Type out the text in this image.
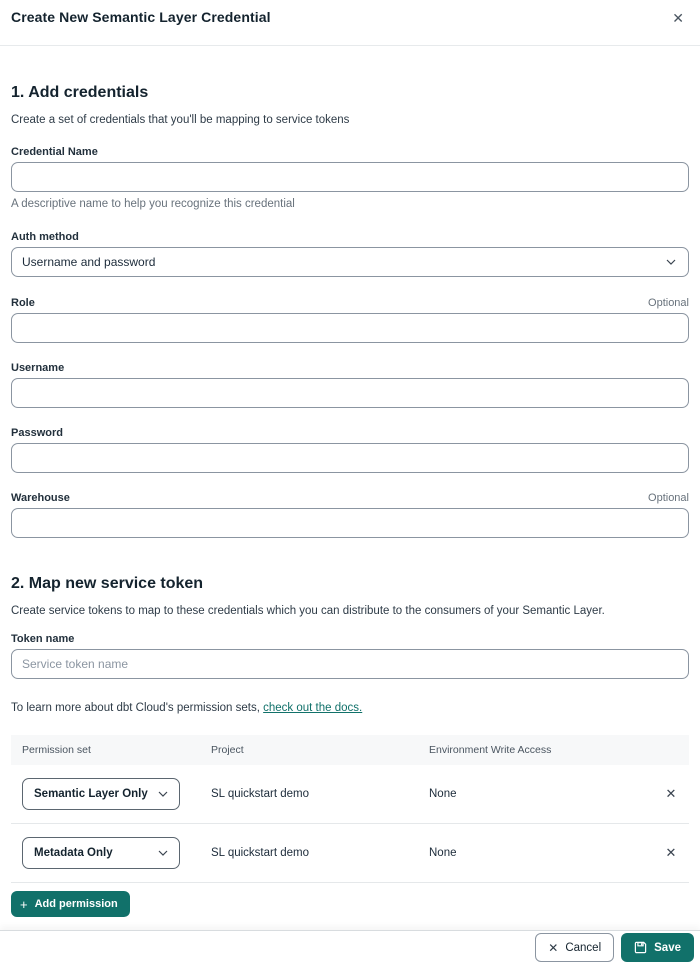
Create New Semantic Layer Credential	✕
1. Add credentials
Create a set of credentials that you'll be mapping to service tokens
Credential Name
A descriptive name to help you recognize this credential
Auth method
Username and password
Role	Optional
Username
Password
Warehouse	Optional
2. Map new service token
Create service tokens to map to these credentials which you can distribute to the consumers of your Semantic Layer.
Token name
Service token name
To learn more about dbt Cloud's permission sets, check out the docs.
Permission set	Project	Environment Write Access
Semantic Layer Only	SL quickstart demo	None	✕
Metadata Only	SL quickstart demo	None	✕
+ Add permission
✕ Cancel	Save
